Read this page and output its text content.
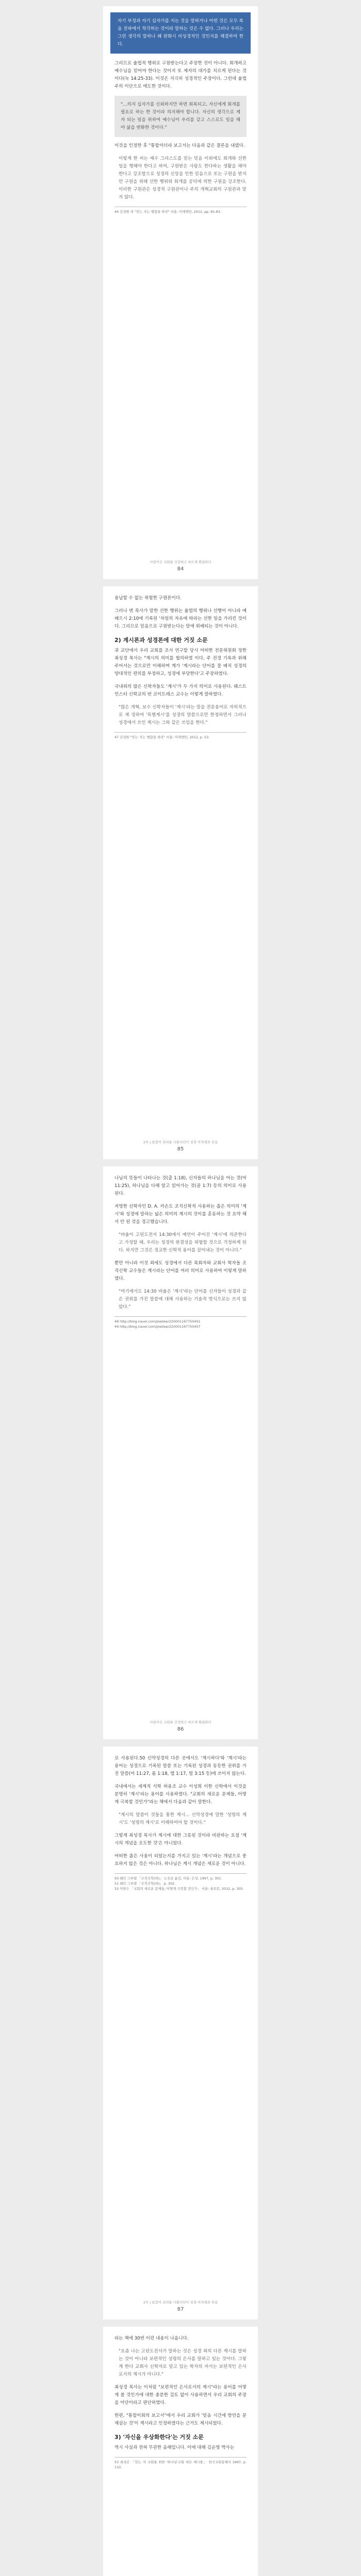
자기 부정과 자기 십자가를 지는 것을 말하거나 어떤 것은 모두 복음 전파에서 착각하는 것이라 말하는 것은 수 없다. 그러나 우리는 그런 생각의 말하나 왜 판화시 비성경적인 것인지를 해결하여 한다.

그리므로 율법적 행위로 구원받는다고 주장한 것이 아니다. 회개하고 예수님을 믿어야 한다는 것이지 또 제자의 대가를 치르게 된다는 것이다(눅 14:25-33). 이것은 지극히 성경적인 주장이다. 그런데 율법주의 이단으로 매도한 것이다.

"…의지 십자가를 신뢰하지만 하면 회복되고, 자신에게 회개를 필요로 하는 한 것이라 의지해야 합니다. 자신의 생각으로 제자 되는 일을 위하여 예수님이 우리를 갖고 스스로도 일을 해야 삶을 변화한 것이다."

이것을 인정한 후 "통합이더라 보고서는 다음과 같은 결론을 내렸다.

이렇게 한 씨는 예수 그리스도를 믿는 믿음 이외에도 회개와 선한 일을 행해야 한다고 하여, 구원받은 사람도 한다하는 생활을 해야 한다고 강조함으로 성경의 신앙을 인한 믿음으로 또는 구원을 받지만 구원을 위해 선한 행위와 회개를 공덕에 의한 구원을 강조한다. 이러한 구원관은 성경적 구원관이나 주의 개혁교회의 구원관과 맞지 않다.

44 김성원 외 "믿는 자는 행함을 하라" 서울: 미래엔턴, 2012, pp. 81-83.

사랑이신 교회를 건강하고 바르게 확립하다
84

용납할 수 없는 위험한 구원론이다.

그러나 변 목사가 말한 선한 행위는 율법의 행위나 선행이 아니라 예배으시 2:10에 기록된 '차일의 자유에 따라는 선한 일을 가리킨 것이다. 그리므로 믿음으로 구원받는다는 말에 위배되는 것이 아니다.

2) 계시론과 성경론에 대한 거짓 소문

귀 교단에서 우리 교회를 조사 연구할 당시 어떠한 전문위원회 정한 최성경 목사는 "계시의 의미를 협의하였 이다, 주 전경 기록과 위해 주어서는 것으로만 이해하며 계가 '계시라는 단어를 잘 배치 성경의 양대적인 편의를 부정하고, 성경에 부당한다'고 주장하였다.

국내외의 많은 신학자들도 '계시'가 두 가지 의미로 사용된다. 웨스트민스터 신학교의 번 코이트레스 교수는 이렇게 말하였다.

"많은 개혁, 보수 신학자들이 '계시'라는 말을 전문용어로 자의적으로 제 정하여 '특별계시'를 성경의 말씀으로만 한정하면서 그러나 성경에서 쓰인 계시는 그와 같은 쓰임을 한다."

47 김성원 "믿는 자는 행함을 하라" 서울: 미래엔턴, 2012, p. 53.

2부 | 통합이 권리를 사회서인이 성경 이자행과 진실
85

나님의 뜻들이 나타나는 것(출 1:18), 신자들의 하나님을 아는 것(마 11:25), 하나님을 다해 알고 있어가는 것(골 1:7) 등의 의미로 사용된다.

저명한 신학자인 D. A. 카손도 조직신학적 사용하는 좁은 의미의 '계시'와 성경에 말하는 넓은 의미의 계시의 것이를 혼동하는 것 요약 해서 안 된 것을 경고했습니다.

"바울이 고린도전서 14:30에서 예언이 주어진 '계시'에 의존한다고 가정할 때, 우리는 정경의 완결성을 위협할 것으로 걱정하게 된다. 하지만 그것은 정교한 신학적 용어를 끌어내는 것이 아니다."

뿐만 아니라 이것 외에도 성경에서 다른 목회자와 교회사 학자들 조직신학 교수들은 계시라는 단어를 여러 의미로 사용하여 이렇게 말하였다.

"여기에서도 14:30 바울은 '계시'라는 단어를 신자들이 성경과 같은 권위를 가진 말씀에 대해 사용하는 기술적 방식으로는 쓰지 않았다."

48 http://blog.naver.com/jowilee/220001167750451

49 http://blog.naver.com/jowilee/220001167750457

사랑이신 교회를 건강하고 바르게 확립하다
86

로 사용된다.50 신약성경의 다른 곳에서도 '계시하다'와 '계시'라는 용어는 성경으로 기록된 말씀 또는 기록된 성경과 동등한 권위를 가진 말씀(마 11:27, 롬 1:18, 엡 1:17, 빌 3:15 등)에 쓰이지 않는다.

국내에서는 세계적 석학 하용조 교수 이성희 이한 신학에서 이것을 분명히 '계시'라는 용어를 사용하였다. "교회의 새로운 문제들, 어떻게 극복할 것인가"라는 책에서 다음과 같이 말한다.

"계시의 말씀이 것들을 통한 계시... 신약성경에 말한 '성령의 계시'도 '성령의 계시'로 이해하여야 할 것이다."

그렇게 최성경 목사가 계시에 대한 그릇된 것이라 비판하는 요점 '계시의 개념을 오도한 것'은 아니었다.

어떠한 좁은 사용이 되었는지를 가지고 있는 '계시'라는 개념으로 중요하지 않은 것은 아니다. 하나님은 계시 개념은 새로운 것이 아니다.

50 웨인 그루뎀 「조직신학(하)」 노진준 옮김, 서울: 은성, 1997, p. 301.

51 웨인 그루뎀 「조직신학(하)」 p. 302.

52 이한수 「교회의 새로운 문제들, 어떻게 극복할 것인가」 서울: 솔로몬, 2012, p. 305.

2부 | 통합이 권리를 사회서인이 성경 이자행과 진실
87

라는 책에 30번 이런 내용이 나옵니다.

"요즘 나는 고린도전서가 말하는 것은 성경 외의 다른 계시를 말하는 것이 아니라 보편적인 성령의 은사를 말하고 있는 것이다. 그렇게 한다 교회사 신학자로 알고 있는 학자의 저서는 보편적인 은사로서의 계시가 아니다."

최성경 목사는 이처럼 "보편적인 은사로서의 계시"라는 용어를 어떻게 볼 것인가에 대한 충분한 검토 없이 사용하면서 우리 교회의 주장을 이단이라고 판단하였다.

한편, "통합이회의 보고서"에서 우리 교회가 '믿음 시간에 방언을 문제삼는 것'이 계시라고 인정하였다는 근거도 제시되었다.

3) '자신을 우상화한다'는 거짓 소문

역시 사실과 전혀 무관한 음해입니다. 이에 대해 김순영 박사는

53 최성은 「믿는 자 교회를 위한 '하나님'교회 대로 예시를」 한국교회통해서 1997, p. 110.
